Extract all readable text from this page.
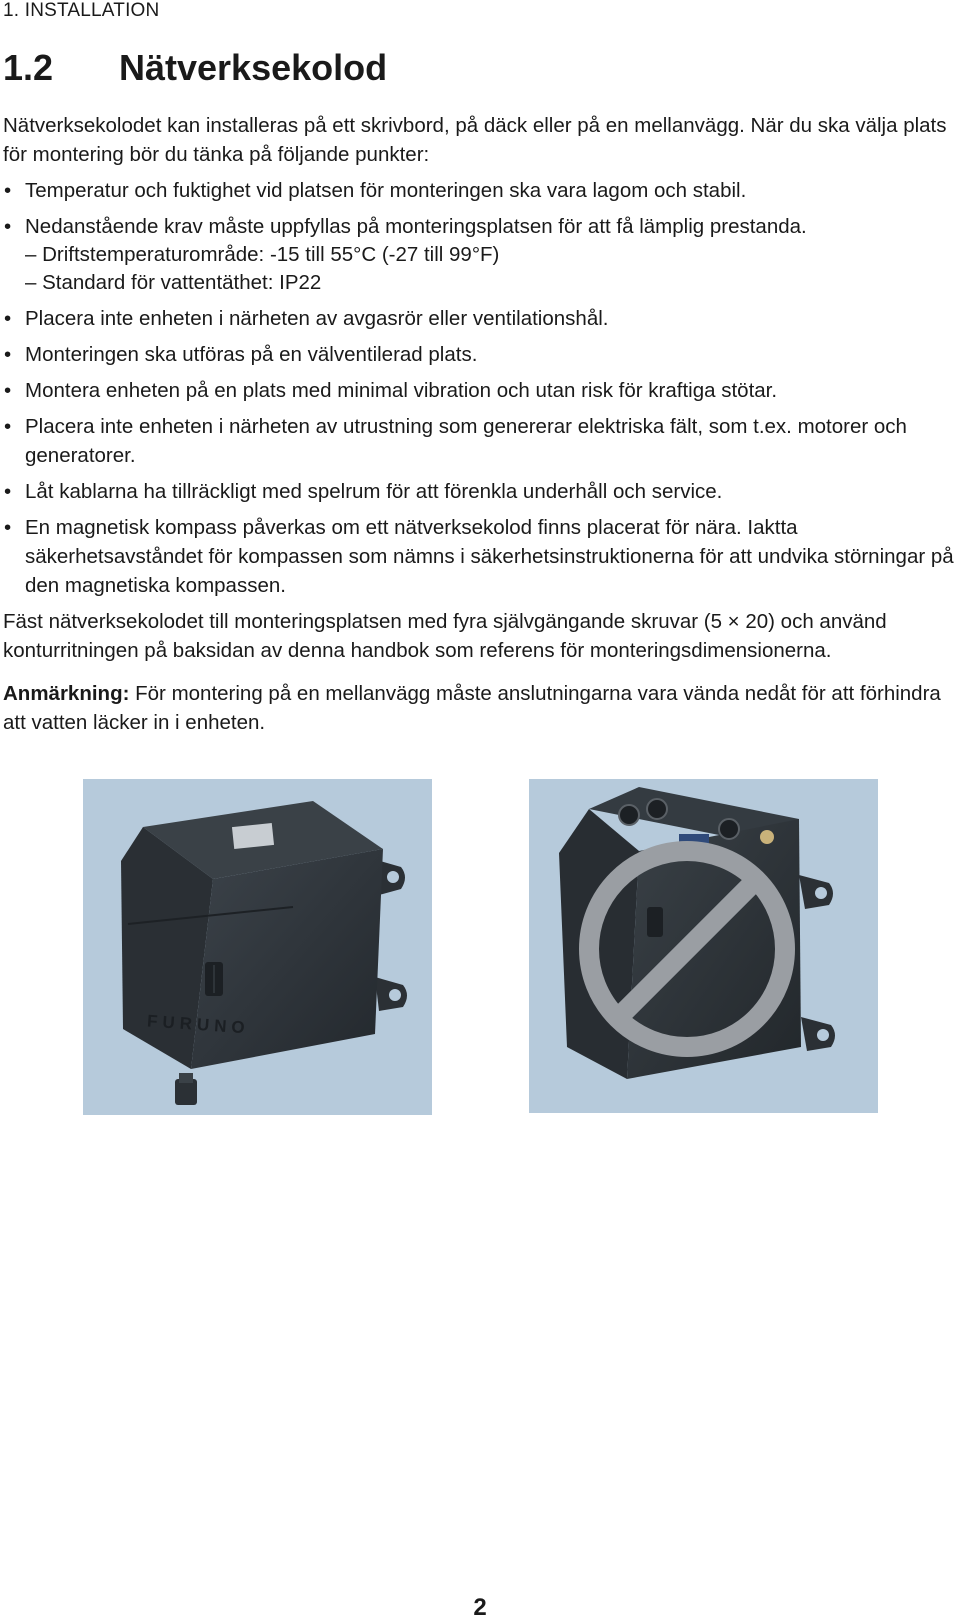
1. INSTALLATION
1.2	Nätverksekolod

Nätverksekolodet kan installeras på ett skrivbord, på däck eller på en mellanvägg. När du ska välja plats för montering bör du tänka på följande punkter:

• Temperatur och fuktighet vid platsen för monteringen ska vara lagom och stabil.
• Nedanstående krav måste uppfyllas på monteringsplatsen för att få lämplig prestanda.
– Driftstemperaturområde: -15 till 55°C (-27 till 99°F)
– Standard för vattentäthet: IP22
• Placera inte enheten i närheten av avgasrör eller ventilationshål.
• Monteringen ska utföras på en välventilerad plats.
• Montera enheten på en plats med minimal vibration och utan risk för kraftiga stötar.
• Placera inte enheten i närheten av utrustning som genererar elektriska fält, som t.ex. motorer och generatorer.
• Låt kablarna ha tillräckligt med spelrum för att förenkla underhåll och service.
• En magnetisk kompass påverkas om ett nätverksekolod finns placerat för nära. Iaktta säkerhetsavståndet för kompassen som nämns i säkerhetsinstruktionerna för att undvika störningar på den magnetiska kompassen.

Fäst nätverksekolodet till monteringsplatsen med fyra självgängande skruvar (5 × 20) och använd konturritningen på baksidan av denna handbok som referens för monteringsdimensionerna.

Anmärkning: För montering på en mellanvägg måste anslutningarna vara vända nedåt för att förhindra att vatten läcker in i enheten.

FURUNO
2
